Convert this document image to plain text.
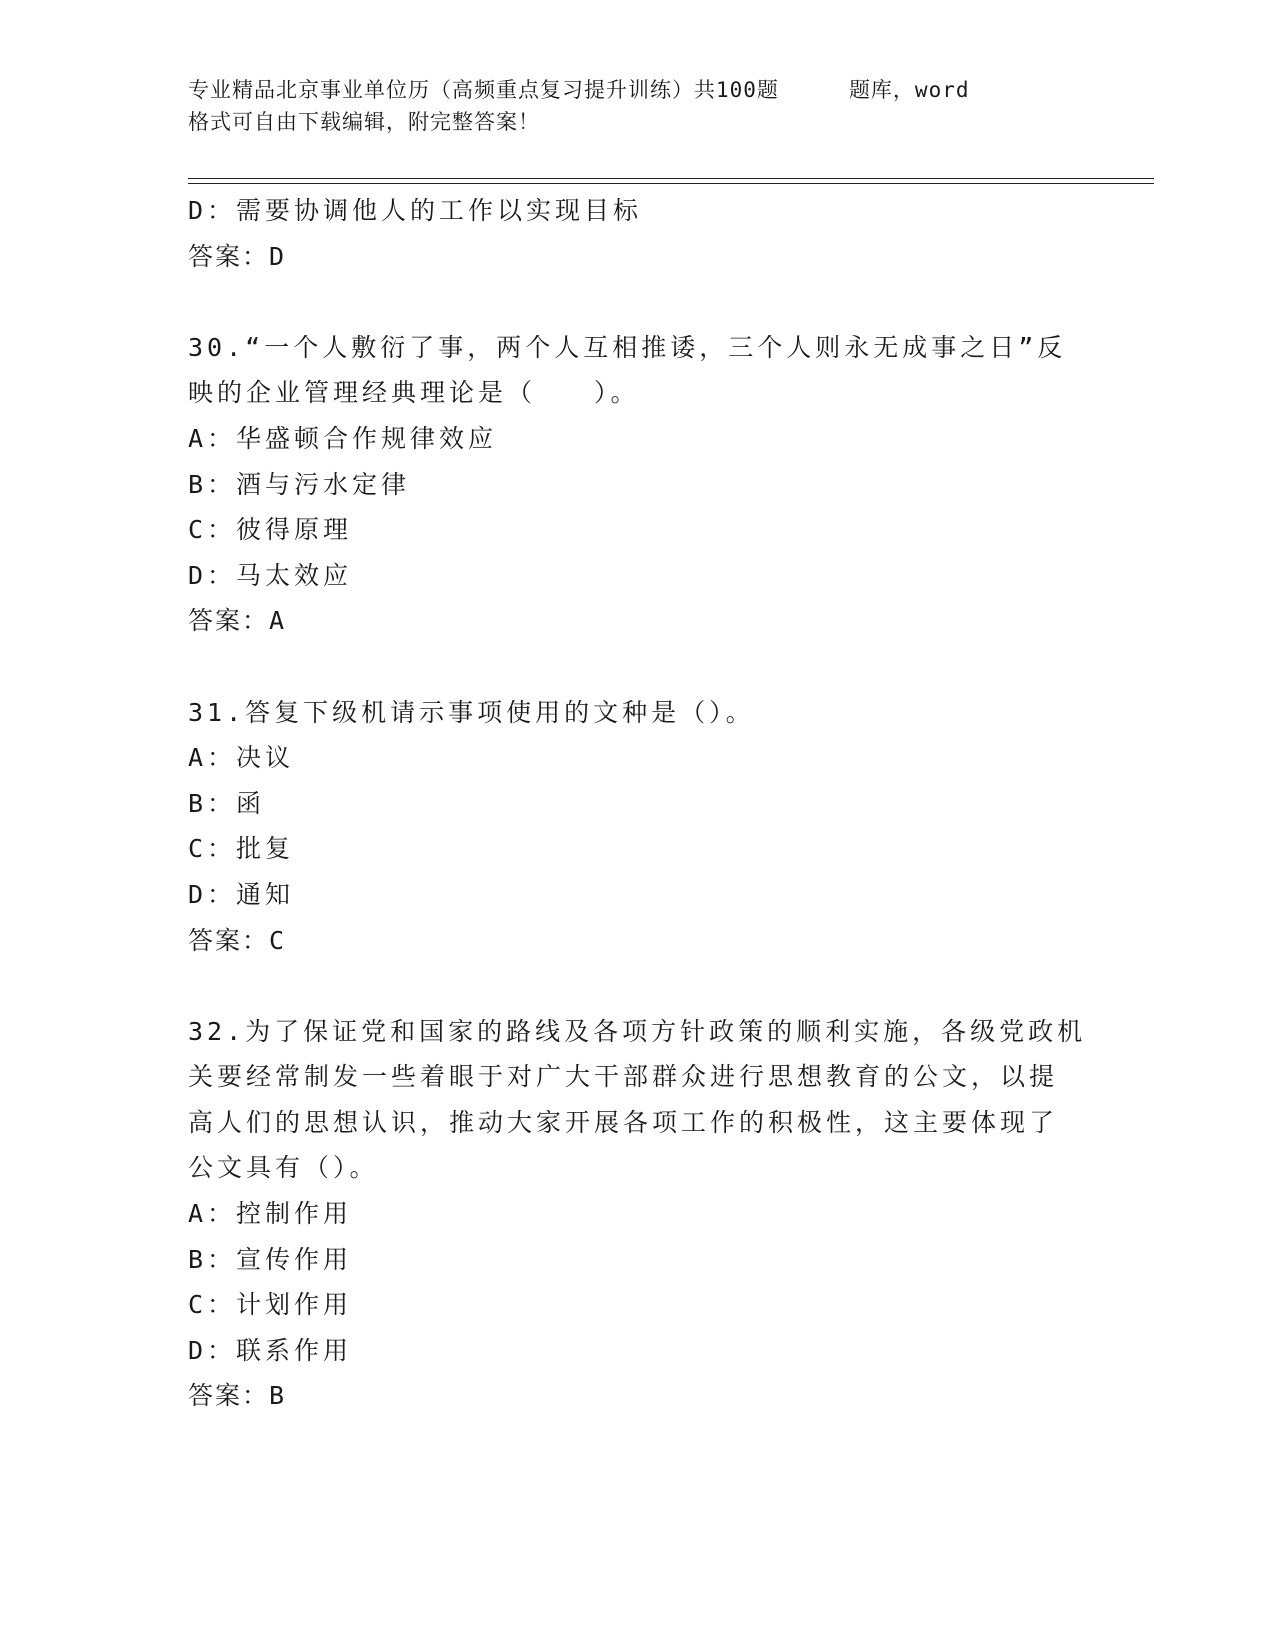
专业精品北京事业单位历（高频重点复习提升训练）共100题	题库，word
格式可自由下载编辑，附完整答案！
D：需要协调他人的工作以实现目标
答案：D
30.“一个人敷衍了事，两个人互相推诿，三个人则永无成事之日”反
映的企业管理经典理论是（　　）。
A：华盛顿合作规律效应
B：酒与污水定律
C：彼得原理
D：马太效应
答案：A
31.答复下级机请示事项使用的文种是（）。
A：决议
B：函
C：批复
D：通知
答案：C
32.为了保证党和国家的路线及各项方针政策的顺利实施，各级党政机
关要经常制发一些着眼于对广大干部群众进行思想教育的公文，以提
高人们的思想认识，推动大家开展各项工作的积极性，这主要体现了
公文具有（）。
A：控制作用
B：宣传作用
C：计划作用
D：联系作用
答案：B
